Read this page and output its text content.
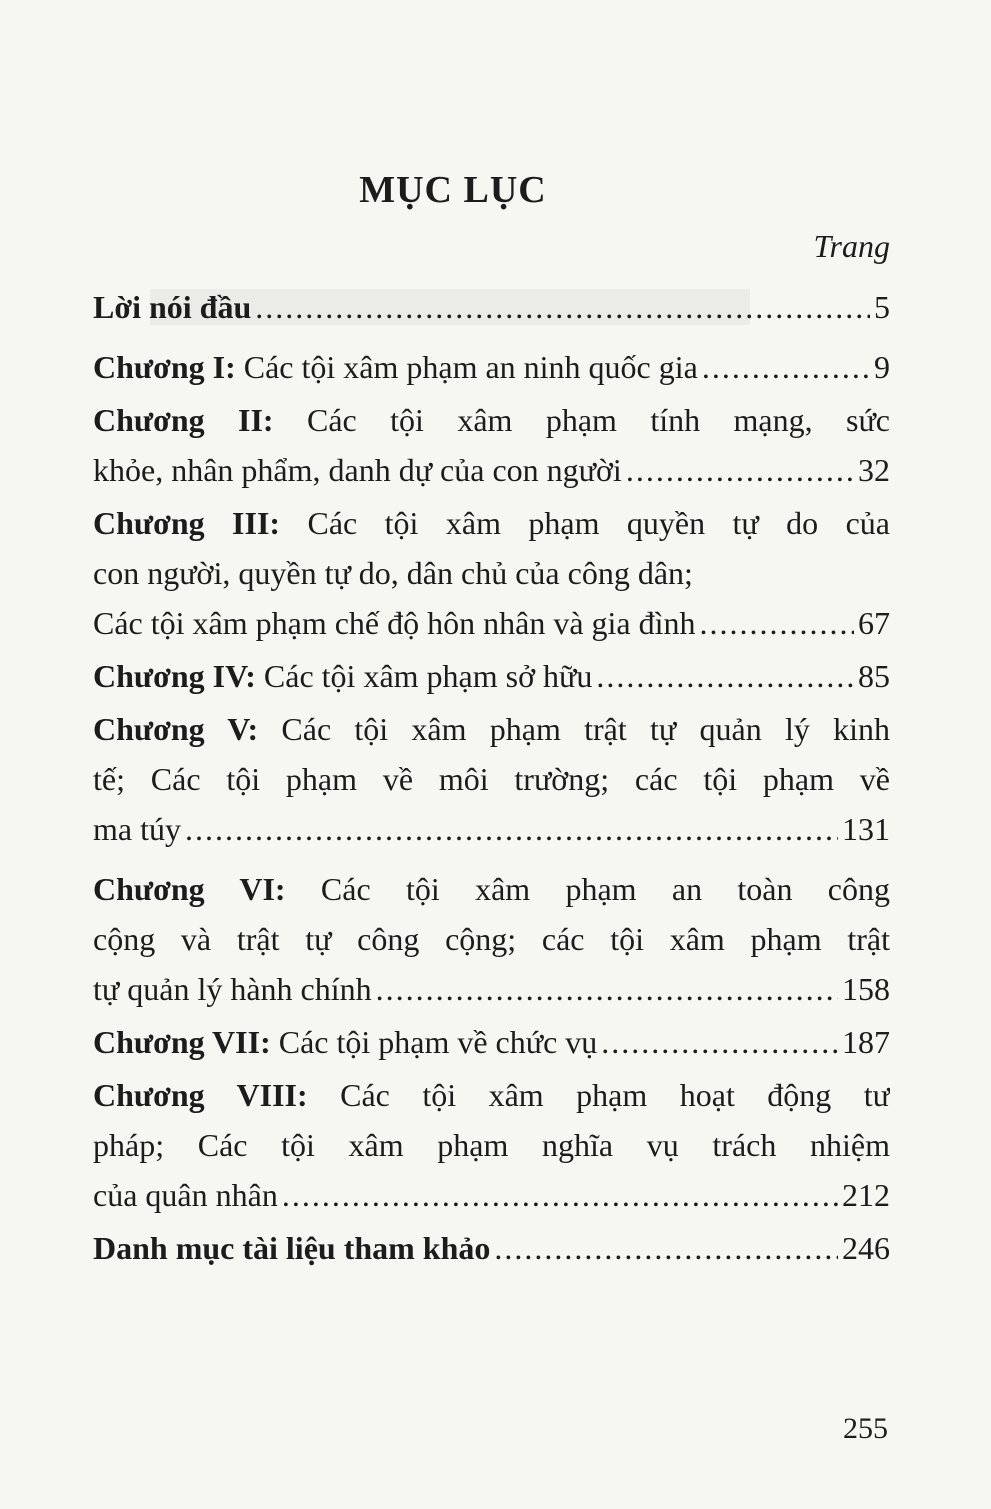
MỤC LỤC
Trang
Lời nói đầu .....	5
Chương I: Các tội xâm phạm an ninh quốc gia .....	9
Chương II: Các tội xâm phạm tính mạng, sức
khỏe, nhân phẩm, danh dự của con người .....	32
Chương III: Các tội xâm phạm quyền tự do của
con người, quyền tự do, dân chủ của công dân;
Các tội xâm phạm chế độ hôn nhân và gia đình .....	67
Chương IV: Các tội xâm phạm sở hữu .....	85
Chương V: Các tội xâm phạm trật tự quản lý kinh
tế; Các tội phạm về môi trường; các tội phạm về
ma túy .....	131
Chương VI: Các tội xâm phạm an toàn công
cộng và trật tự công cộng; các tội xâm phạm trật
tự quản lý hành chính .....	158
Chương VII: Các tội phạm về chức vụ .....	187
Chương VIII: Các tội xâm phạm hoạt động tư
pháp; Các tội xâm phạm nghĩa vụ trách nhiệm
của quân nhân .....	212
Danh mục tài liệu tham khảo .....	246
255
